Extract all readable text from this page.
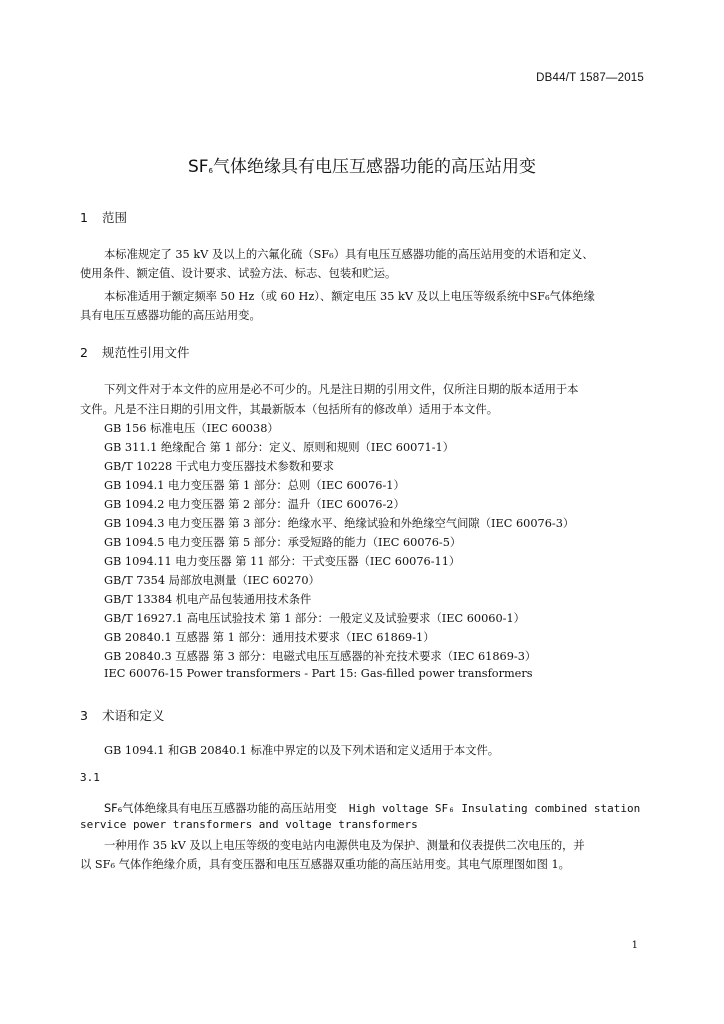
DB44/T 1587—2015
$SF_6$气体绝缘具有电压互感器功能的高压站用变
1 范围
本标准规定了 35 kV 及以上的六氟化硫（SF₆）具有电压互感器功能的高压站用变的术语和定义、
使用条件、额定值、设计要求、试验方法、标志、包装和贮运。
本标准适用于额定频率 50 Hz（或 60 Hz）、额定电压 35 kV 及以上电压等级系统中SF₆气体绝缘
具有电压互感器功能的高压站用变。
2 规范性引用文件
下列文件对于本文件的应用是必不可少的。凡是注日期的引用文件，仅所注日期的版本适用于本
文件。凡是不注日期的引用文件，其最新版本（包括所有的修改单）适用于本文件。
GB 156 标准电压（IEC 60038）
GB 311.1 绝缘配合 第 1 部分：定义、原则和规则（IEC 60071-1）
GB/T 10228 干式电力变压器技术参数和要求
GB 1094.1 电力变压器 第 1 部分：总则（IEC 60076-1）
GB 1094.2 电力变压器 第 2 部分：温升（IEC 60076-2）
GB 1094.3 电力变压器 第 3 部分：绝缘水平、绝缘试验和外绝缘空气间隙（IEC 60076-3）
GB 1094.5 电力变压器 第 5 部分：承受短路的能力（IEC 60076-5）
GB 1094.11 电力变压器 第 11 部分：干式变压器（IEC 60076-11）
GB/T 7354 局部放电测量（IEC 60270）
GB/T 13384 机电产品包装通用技术条件
GB/T 16927.1 高电压试验技术 第 1 部分：一般定义及试验要求（IEC 60060-1）
GB 20840.1 互感器 第 1 部分：通用技术要求（IEC 61869-1）
GB 20840.3 互感器 第 3 部分：电磁式电压互感器的补充技术要求（IEC 61869-3）
IEC 60076-15 Power transformers - Part 15: Gas-filled power transformers
3 术语和定义
GB 1094.1 和GB 20840.1 标准中界定的以及下列术语和定义适用于本文件。
3.1
SF₆气体绝缘具有电压互感器功能的高压站用变 High voltage SF₆ Insulating combined station
service power transformers and voltage transformers
一种用作 35 kV 及以上电压等级的变电站内电源供电及为保护、测量和仪表提供二次电压的，并
以 SF₆ 气体作绝缘介质，具有变压器和电压互感器双重功能的高压站用变。其电气原理图如图 1。
1
